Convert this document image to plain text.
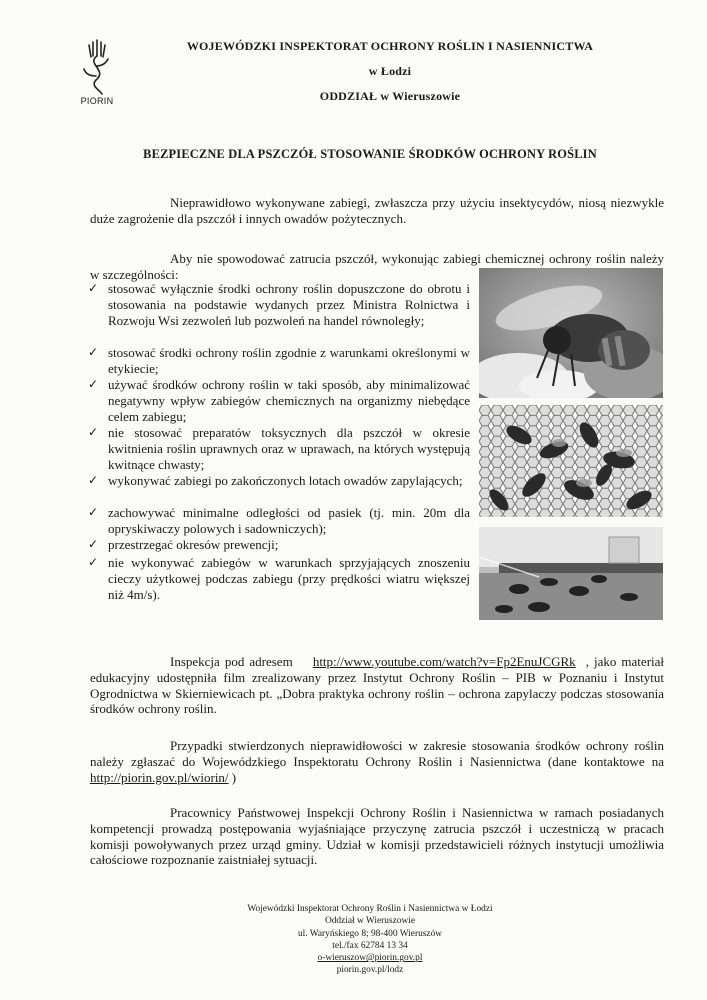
PIORIN
WOJEWÓDZKI INSPEKTORAT OCHRONY ROŚLIN I NASIENNICTWA
w Łodzi
ODDZIAŁ w Wieruszowie
BEZPIECZNE DLA PSZCZÓŁ STOSOWANIE ŚRODKÓW OCHRONY ROŚLIN

Nieprawidłowo wykonywane zabiegi, zwłaszcza przy użyciu insektycydów, niosą niezwykle duże zagrożenie dla pszczół i innych owadów pożytecznych.

Aby nie spowodować zatrucia pszczół, wykonując zabiegi chemicznej ochrony roślin należy w szczególności:

✓ stosować wyłącznie środki ochrony roślin dopuszczone do obrotu i stosowania na podstawie wydanych przez Ministra Rolnictwa i Rozwoju Wsi zezwoleń lub pozwoleń na handel równoległy;
✓ stosować środki ochrony roślin zgodnie z warunkami określonymi w etykiecie;
✓ używać środków ochrony roślin w taki sposób, aby minimalizować negatywny wpływ zabiegów chemicznych na organizmy niebędące celem zabiegu;
✓ nie stosować preparatów toksycznych dla pszczół w okresie kwitnienia roślin uprawnych oraz w uprawach, na których występują kwitnące chwasty;
✓ wykonywać zabiegi po zakończonych lotach owadów zapylających;
✓ zachowywać minimalne odległości od pasiek (tj. min. 20m dla opryskiwaczy polowych i sadowniczych);
✓ przestrzegać okresów prewencji;
✓ nie wykonywać zabiegów w warunkach sprzyjających znoszeniu cieczy użytkowej podczas zabiegu (przy prędkości wiatru większej niż 4m/s).

Inspekcja pod adresem http://www.youtube.com/watch?v=Fp2EnuJCGRk , jako materiał edukacyjny udostępniła film zrealizowany przez Instytut Ochrony Roślin – PIB w Poznaniu i Instytut Ogrodnictwa w Skierniewicach pt. „Dobra praktyka ochrony roślin – ochrona zapylaczy podczas stosowania środków ochrony roślin.

Przypadki stwierdzonych nieprawidłowości w zakresie stosowania środków ochrony roślin należy zgłaszać do Wojewódzkiego Inspektoratu Ochrony Roślin i Nasiennictwa (dane kontaktowe na http://piorin.gov.pl/wiorin/ )

Pracownicy Państwowej Inspekcji Ochrony Roślin i Nasiennictwa w ramach posiadanych kompetencji prowadzą postępowania wyjaśniające przyczynę zatrucia pszczół i uczestniczą w pracach komisji powoływanych przez urząd gminy. Udział w komisji przedstawicieli różnych instytucji umożliwia całościowe rozpoznanie zaistniałej sytuacji.

Wojewódzki Inspektorat Ochrony Roślin i Nasiennictwa w Łodzi
Oddział w Wieruszowie
ul. Waryńskiego 8; 98-400 Wieruszów
tel./fax 62784 13 34
o-wieruszow@piorin.gov.pl
piorin.gov.pl/lodz
